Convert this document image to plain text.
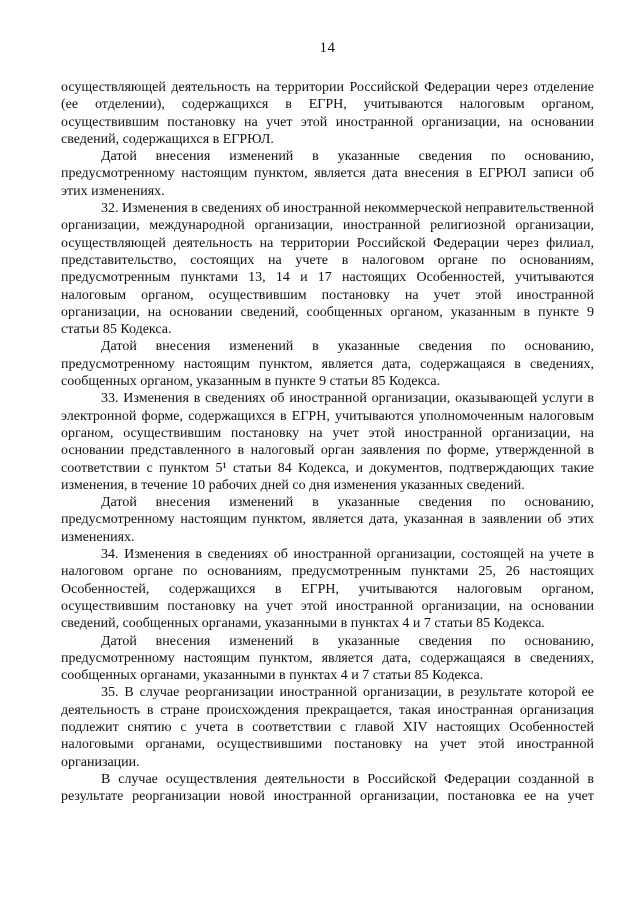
14

осуществляющей деятельность на территории Российской Федерации через отделение (ее отделении), содержащихся в ЕГРН, учитываются налоговым органом, осуществившим постановку на учет этой иностранной организации, на основании сведений, содержащихся в ЕГРЮЛ.

Датой внесения изменений в указанные сведения по основанию, предусмотренному настоящим пунктом, является дата внесения в ЕГРЮЛ записи об этих изменениях.

32. Изменения в сведениях об иностранной некоммерческой неправительственной организации, международной организации, иностранной религиозной организации, осуществляющей деятельность на территории Российской Федерации через филиал, представительство, состоящих на учете в налоговом органе по основаниям, предусмотренным пунктами 13, 14 и 17 настоящих Особенностей, учитываются налоговым органом, осуществившим постановку на учет этой иностранной организации, на основании сведений, сообщенных органом, указанным в пункте 9 статьи 85 Кодекса.

Датой внесения изменений в указанные сведения по основанию, предусмотренному настоящим пунктом, является дата, содержащаяся в сведениях, сообщенных органом, указанным в пункте 9 статьи 85 Кодекса.

33. Изменения в сведениях об иностранной организации, оказывающей услуги в электронной форме, содержащихся в ЕГРН, учитываются уполномоченным налоговым органом, осуществившим постановку на учет этой иностранной организации, на основании представленного в налоговый орган заявления по форме, утвержденной в соответствии с пунктом 5¹ статьи 84 Кодекса, и документов, подтверждающих такие изменения, в течение 10 рабочих дней со дня изменения указанных сведений.

Датой внесения изменений в указанные сведения по основанию, предусмотренному настоящим пунктом, является дата, указанная в заявлении об этих изменениях.

34. Изменения в сведениях об иностранной организации, состоящей на учете в налоговом органе по основаниям, предусмотренным пунктами 25, 26 настоящих Особенностей, содержащихся в ЕГРН, учитываются налоговым органом, осуществившим постановку на учет этой иностранной организации, на основании сведений, сообщенных органами, указанными в пунктах 4 и 7 статьи 85 Кодекса.

Датой внесения изменений в указанные сведения по основанию, предусмотренному настоящим пунктом, является дата, содержащаяся в сведениях, сообщенных органами, указанными в пунктах 4 и 7 статьи 85 Кодекса.

35. В случае реорганизации иностранной организации, в результате которой ее деятельность в стране происхождения прекращается, такая иностранная организация подлежит снятию с учета в соответствии с главой XIV настоящих Особенностей налоговыми органами, осуществившими постановку на учет этой иностранной организации.

В случае осуществления деятельности в Российской Федерации созданной в результате реорганизации новой иностранной организации, постановка ее на учет
